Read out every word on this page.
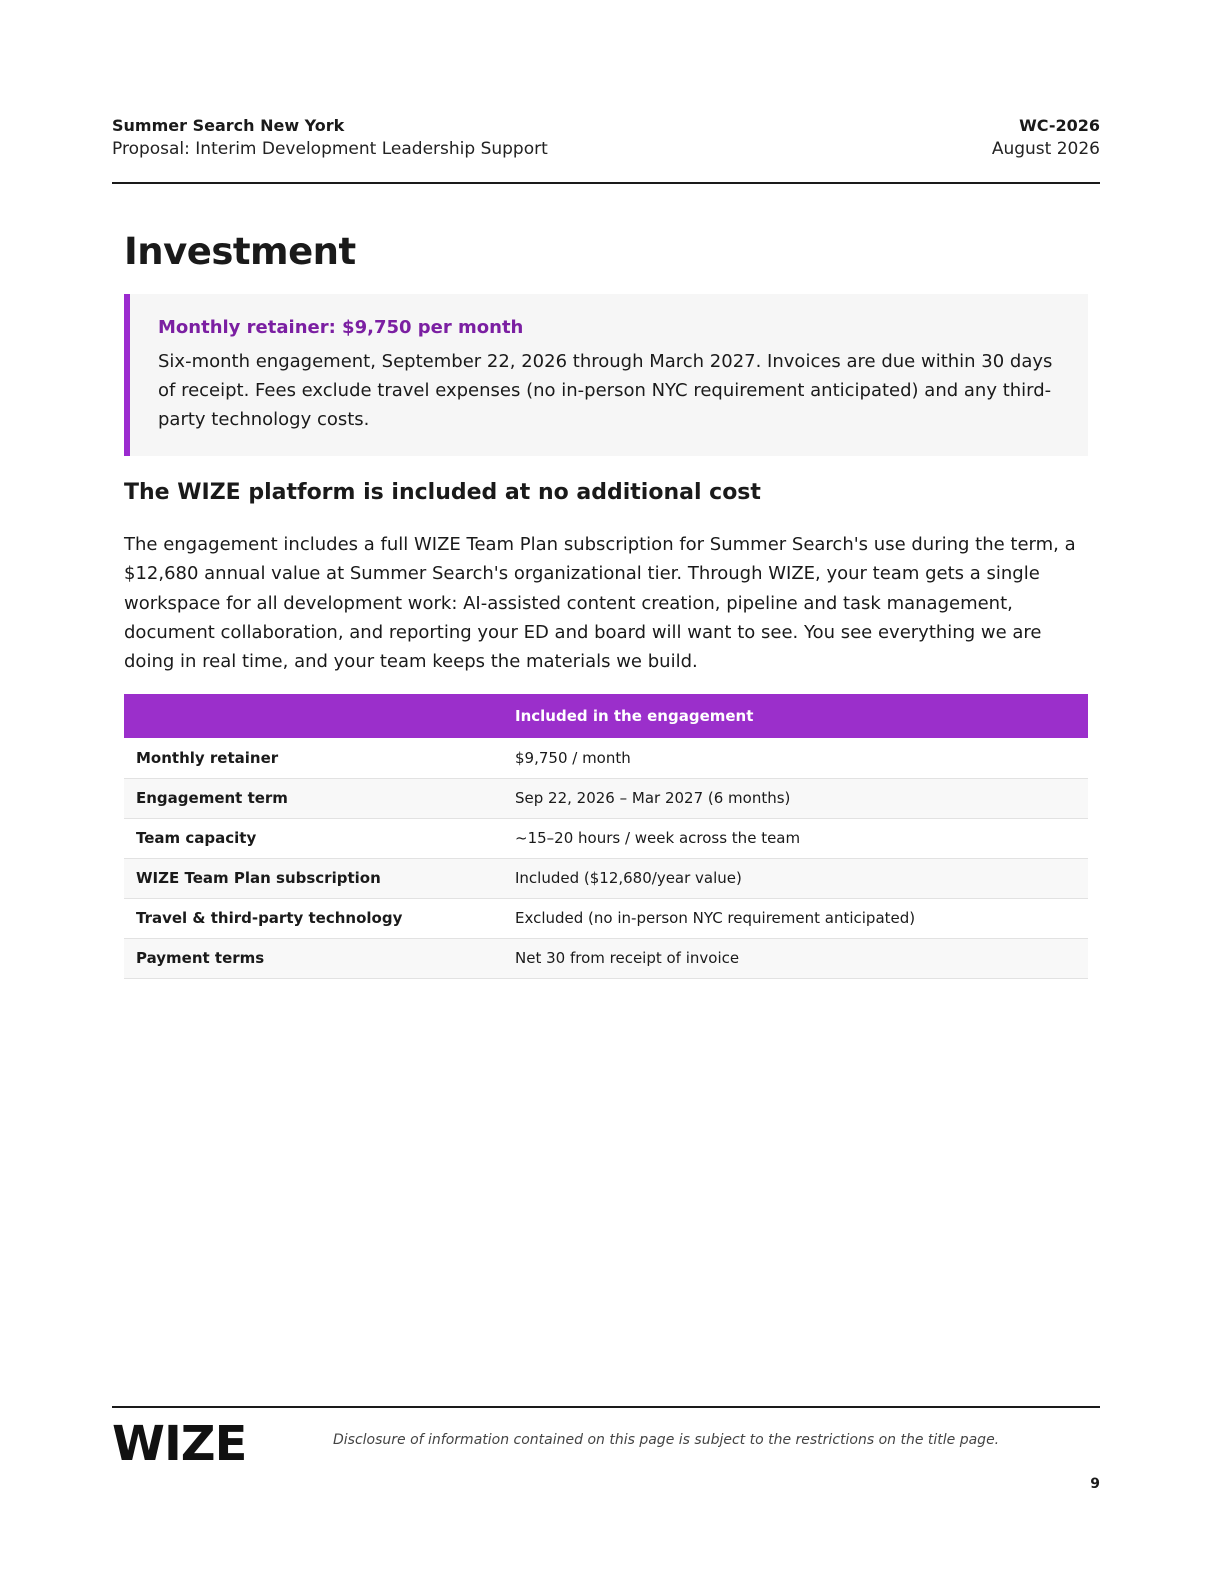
Summer Search New York
Proposal: Interim Development Leadership Support
WC-2026
August 2026
Investment
Monthly retainer: $9,750 per month
Six-month engagement, September 22, 2026 through March 2027. Invoices are due within 30 days of receipt. Fees exclude travel expenses (no in-person NYC requirement anticipated) and any third-party technology costs.
The WIZE platform is included at no additional cost

The engagement includes a full WIZE Team Plan subscription for Summer Search's use during the term, a $12,680 annual value at Summer Search's organizational tier. Through WIZE, your team gets a single workspace for all development work: AI-assisted content creation, pipeline and task management, document collaboration, and reporting your ED and board will want to see. You see everything we are doing in real time, and your team keeps the materials we build.

	Included in the engagement
Monthly retainer	$9,750 / month
Engagement term	Sep 22, 2026 – Mar 2027 (6 months)
Team capacity	~15–20 hours / week across the team
WIZE Team Plan subscription	Included ($12,680/year value)
Travel & third-party technology	Excluded (no in-person NYC requirement anticipated)
Payment terms	Net 30 from receipt of invoice
WIZE	Disclosure of information contained on this page is subject to the restrictions on the title page.
9
